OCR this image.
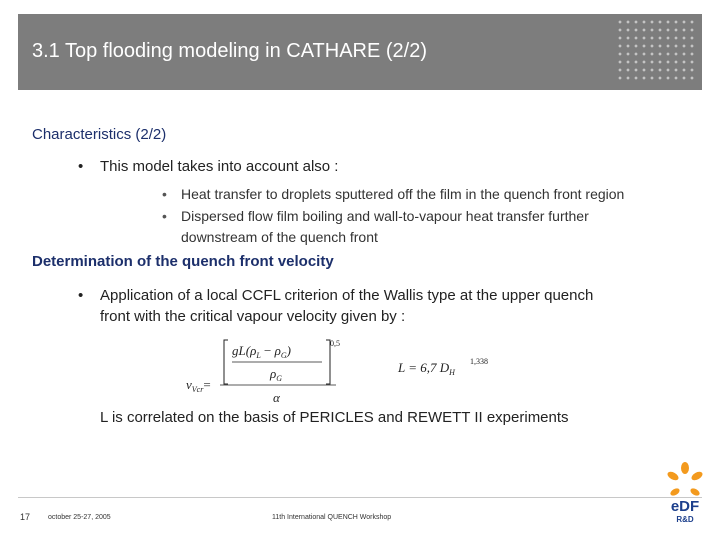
3.1 Top flooding modeling in CATHARE (2/2)
Characteristics (2/2)
• This model takes into account also :
• Heat transfer to droplets sputtered off the film in the quench front region
• Dispersed flow film boiling and wall-to-vapour heat transfer further
downstream of the quench front
Determination of the quench front velocity
• Application of a local CCFL criterion of the Wallis type at the upper quench
front with the critical vapour velocity given by :
$gL(\rho_L - \rho_G)$
$\rho_G$
0,5
$v_{Vcr}=$
α
L = 6,7 $D_H$
1,338
L is correlated on the basis of PERICLES and REWETT II experiments
17	october 25-27, 2005	11th International QUENCH Workshop
eDF
R&D
